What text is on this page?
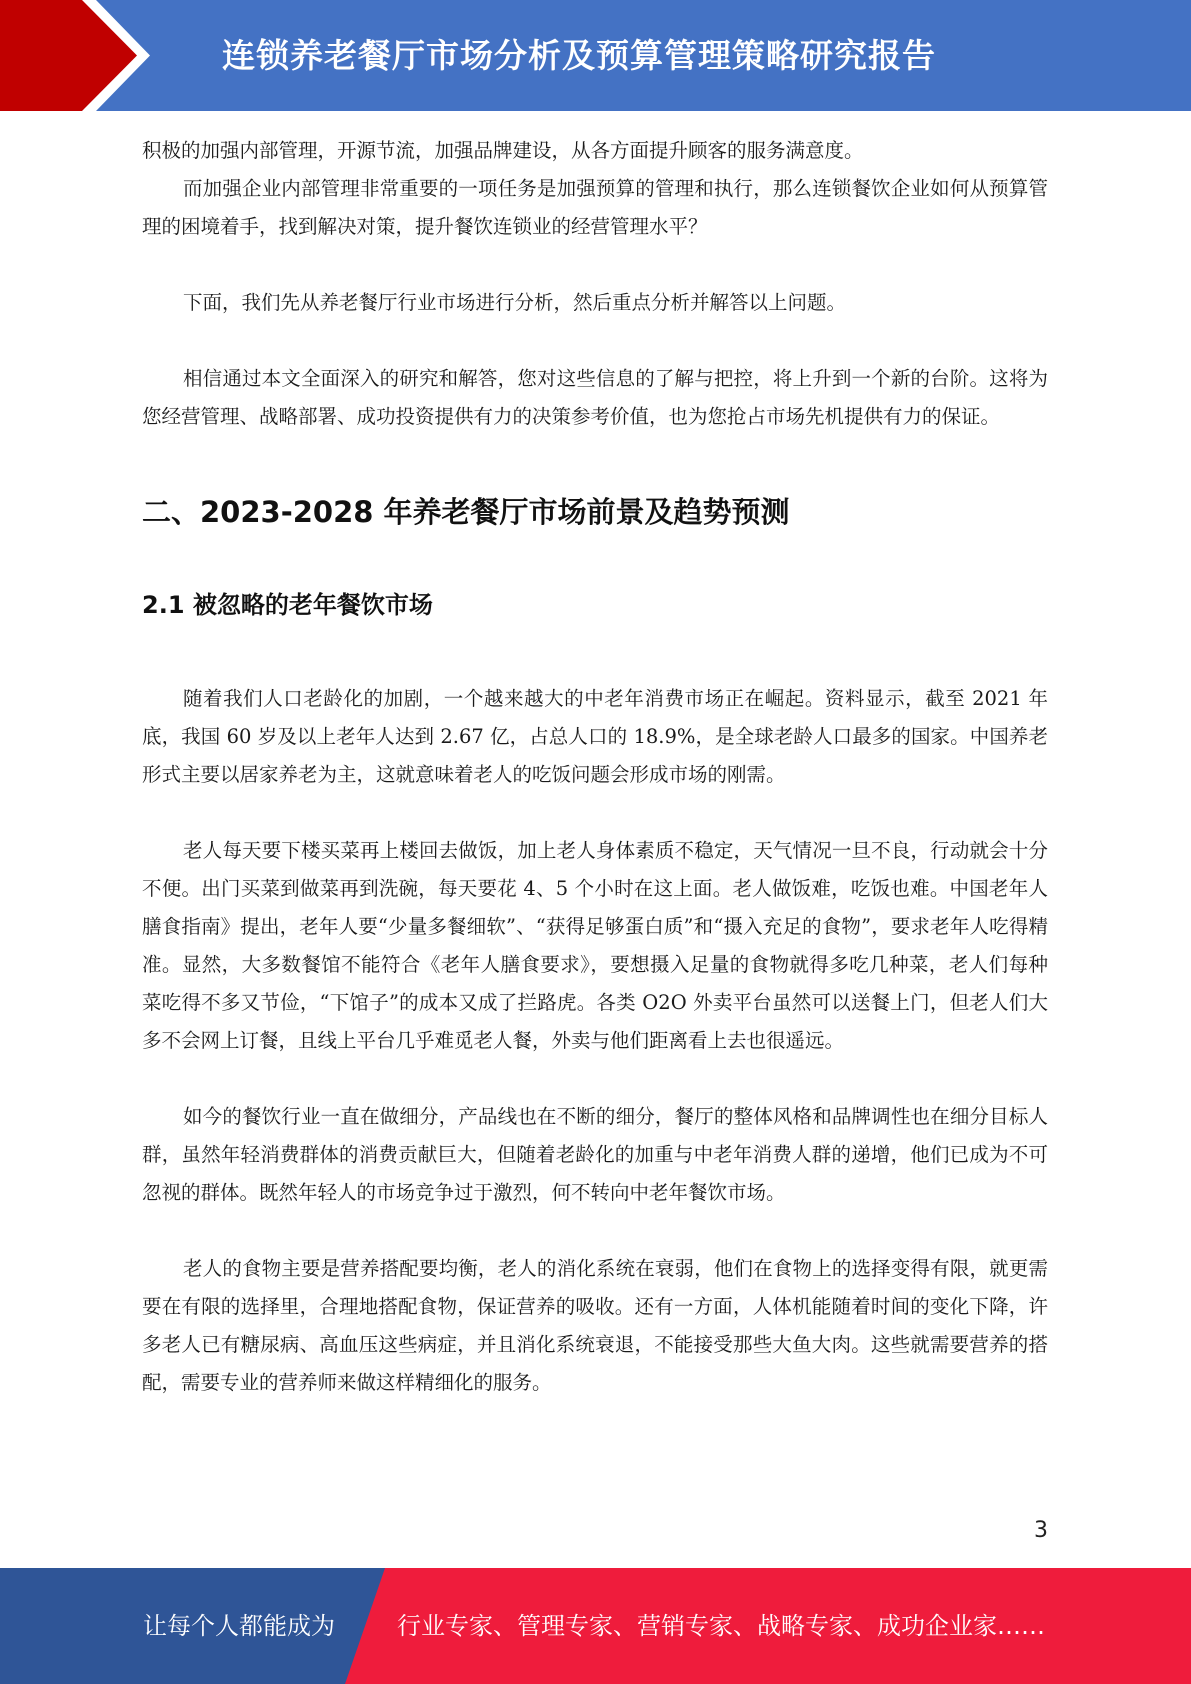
连锁养老餐厅市场分析及预算管理策略研究报告

积极的加强内部管理，开源节流，加强品牌建设，从各方面提升顾客的服务满意度。

而加强企业内部管理非常重要的一项任务是加强预算的管理和执行，那么连锁餐饮企业如何从预算管理的困境着手，找到解决对策，提升餐饮连锁业的经营管理水平？

下面，我们先从养老餐厅行业市场进行分析，然后重点分析并解答以上问题。

相信通过本文全面深入的研究和解答，您对这些信息的了解与把控，将上升到一个新的台阶。这将为您经营管理、战略部署、成功投资提供有力的决策参考价值，也为您抢占市场先机提供有力的保证。

二、2023-2028 年养老餐厅市场前景及趋势预测
2.1 被忽略的老年餐饮市场

随着我们人口老龄化的加剧，一个越来越大的中老年消费市场正在崛起。资料显示，截至 2021 年底，我国 60 岁及以上老年人达到 2.67 亿，占总人口的 18.9%，是全球老龄人口最多的国家。中国养老形式主要以居家养老为主，这就意味着老人的吃饭问题会形成市场的刚需。

老人每天要下楼买菜再上楼回去做饭，加上老人身体素质不稳定，天气情况一旦不良，行动就会十分不便。出门买菜到做菜再到洗碗，每天要花 4、5 个小时在这上面。老人做饭难，吃饭也难。中国老年人膳食指南》提出，老年人要“少量多餐细软”、“获得足够蛋白质”和“摄入充足的食物”，要求老年人吃得精准。显然，大多数餐馆不能符合《老年人膳食要求》，要想摄入足量的食物就得多吃几种菜，老人们每种菜吃得不多又节俭，“下馆子”的成本又成了拦路虎。各类 O2O 外卖平台虽然可以送餐上门，但老人们大多不会网上订餐，且线上平台几乎难觅老人餐，外卖与他们距离看上去也很遥远。

如今的餐饮行业一直在做细分，产品线也在不断的细分，餐厅的整体风格和品牌调性也在细分目标人群，虽然年轻消费群体的消费贡献巨大，但随着老龄化的加重与中老年消费人群的递增，他们已成为不可忽视的群体。既然年轻人的市场竞争过于激烈，何不转向中老年餐饮市场。

老人的食物主要是营养搭配要均衡，老人的消化系统在衰弱，他们在食物上的选择变得有限，就更需要在有限的选择里，合理地搭配食物，保证营养的吸收。还有一方面，人体机能随着时间的变化下降，许多老人已有糖尿病、高血压这些病症，并且消化系统衰退，不能接受那些大鱼大肉。这些就需要营养的搭配，需要专业的营养师来做这样精细化的服务。

3
让每个人都能成为	行业专家、管理专家、营销专家、战略专家、成功企业家……
